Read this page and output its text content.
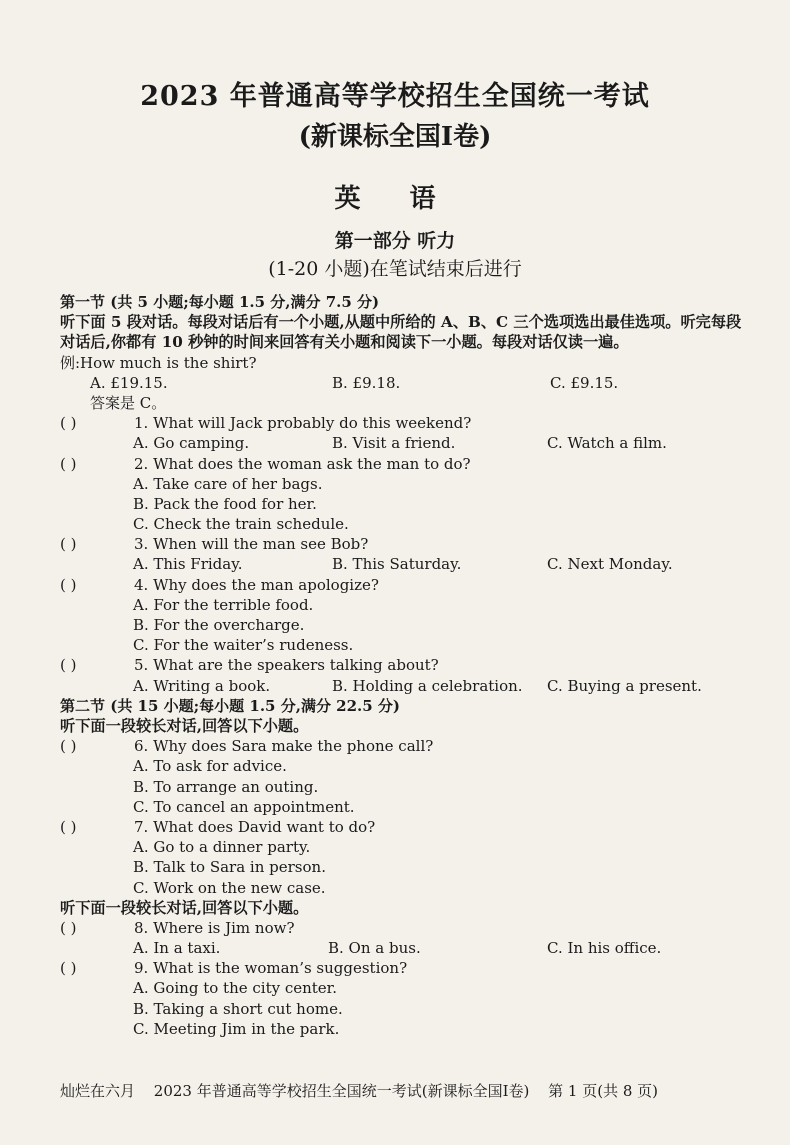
2023 年普通高等学校招生全国统一考试
(新课标全国Ⅰ卷)
英 语
第一部分 听力
(1-20 小题)在笔试结束后进行
第一节 (共 5 小题;每小题 1.5 分,满分 7.5 分)
听下面 5 段对话。每段对话后有一个小题,从题中所给的 A、B、C 三个选项选出最佳选项。听完每段对话后,你都有 10 秒钟的时间来回答有关小题和阅读下一小题。每段对话仅读一遍。
例:How much is the shirt?
A. £19.15.	B. £9.18.	C. £9.15.
答案是 C。
( )	1. What will Jack probably do this weekend?
A. Go camping.	B. Visit a friend.	C. Watch a film.
( )	2. What does the woman ask the man to do?
A. Take care of her bags.
B. Pack the food for her.
C. Check the train schedule.
( )	3. When will the man see Bob?
A. This Friday.	B. This Saturday.	C. Next Monday.
( )	4. Why does the man apologize?
A. For the terrible food.
B. For the overcharge.
C. For the waiter’s rudeness.
( )	5. What are the speakers talking about?
A. Writing a book.	B. Holding a celebration. C. Buying a present.
第二节 (共 15 小题;每小题 1.5 分,满分 22.5 分)
听下面一段较长对话,回答以下小题。
( )	6. Why does Sara make the phone call?
A. To ask for advice.
B. To arrange an outing.
C. To cancel an appointment.
( )	7. What does David want to do?
A. Go to a dinner party.
B. Talk to Sara in person.
C. Work on the new case.
听下面一段较长对话,回答以下小题。
( )	8. Where is Jim now?
A. In a taxi.	B. On a bus.	C. In his office.
( )	9. What is the woman’s suggestion?
A. Going to the city center.
B. Taking a short cut home.
C. Meeting Jim in the park.
灿烂在六月 2023 年普通高等学校招生全国统一考试(新课标全国Ⅰ卷) 第 1 页(共 8 页)
